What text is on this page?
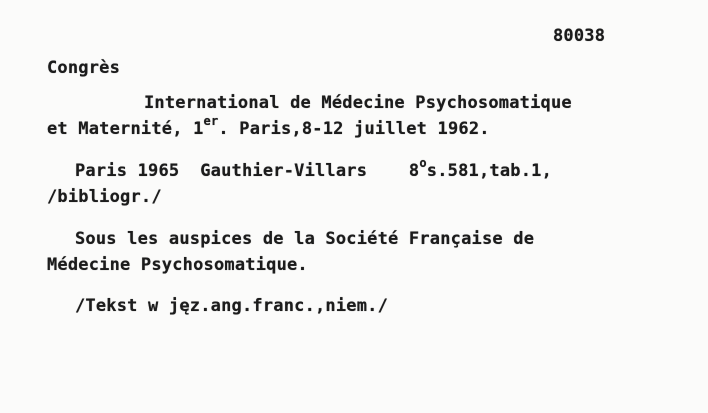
80038
Congrès
International de Médecine Psychosomatique
et Maternité, 1er. Paris,8-12 juillet 1962.
Paris 1965  Gauthier-Villars    8$^o$s.581,tab.1,
/bibliogr./
Sous les auspices de la Société Française de
Médecine Psychosomatique.
/Tekst w jęz.ang.franc.,niem./
